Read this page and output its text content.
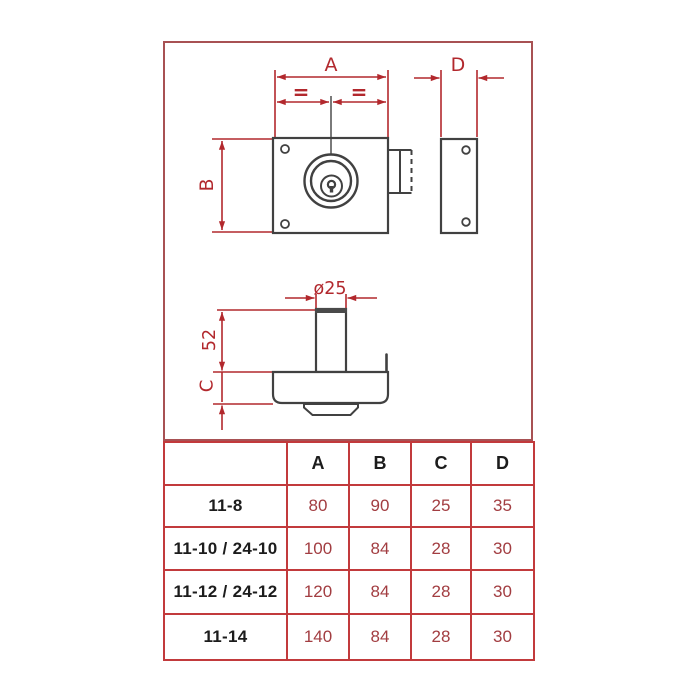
A	D
B
= =
ø25
52
C
	A	B	C	D
11-8	80	90	25	35
11-10 / 24-10	100	84	28	30
11-12 / 24-12	120	84	28	30
11-14	140	84	28	30
